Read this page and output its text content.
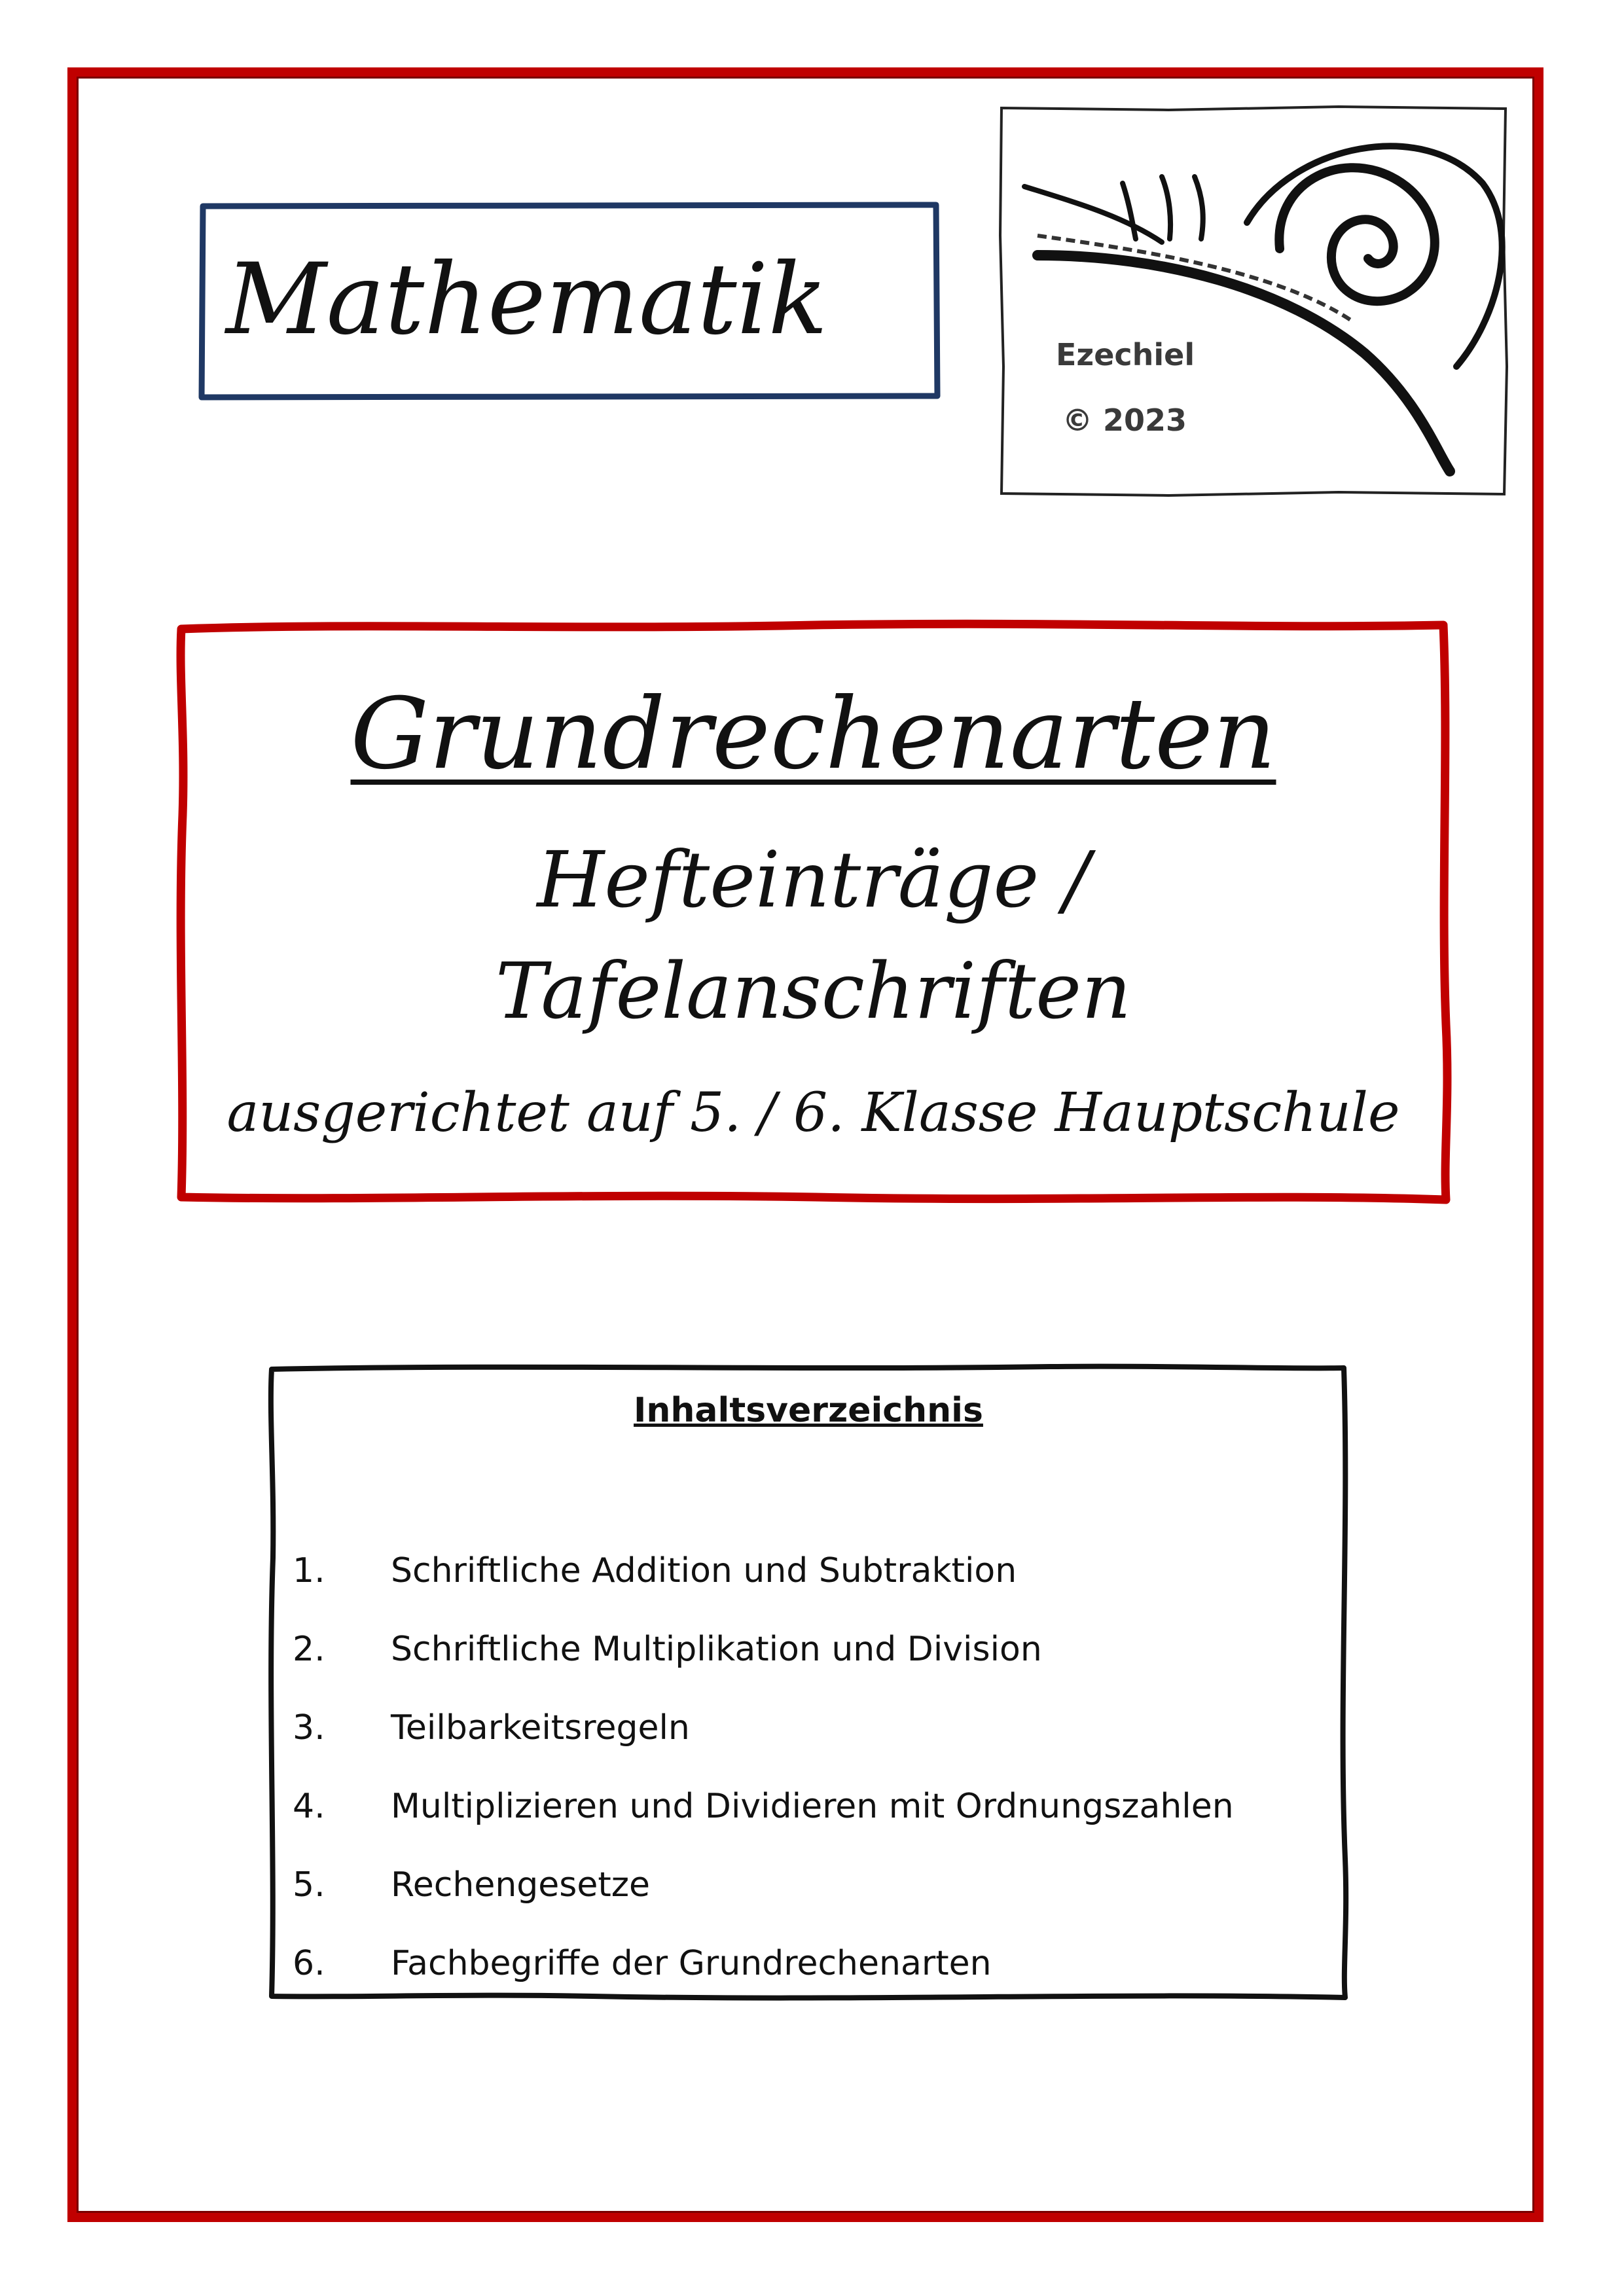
Mathematik	Ezechiel
© 2023
Grundrechenarten
Hefteinträge /
Tafelanschriften
ausgerichtet auf 5. / 6. Klasse Hauptschule
Inhaltsverzeichnis
1. Schriftliche Addition und Subtraktion
2. Schriftliche Multiplikation und Division
3. Teilbarkeitsregeln
4. Multiplizieren und Dividieren mit Ordnungszahlen
5. Rechengesetze
6. Fachbegriffe der Grundrechenarten
